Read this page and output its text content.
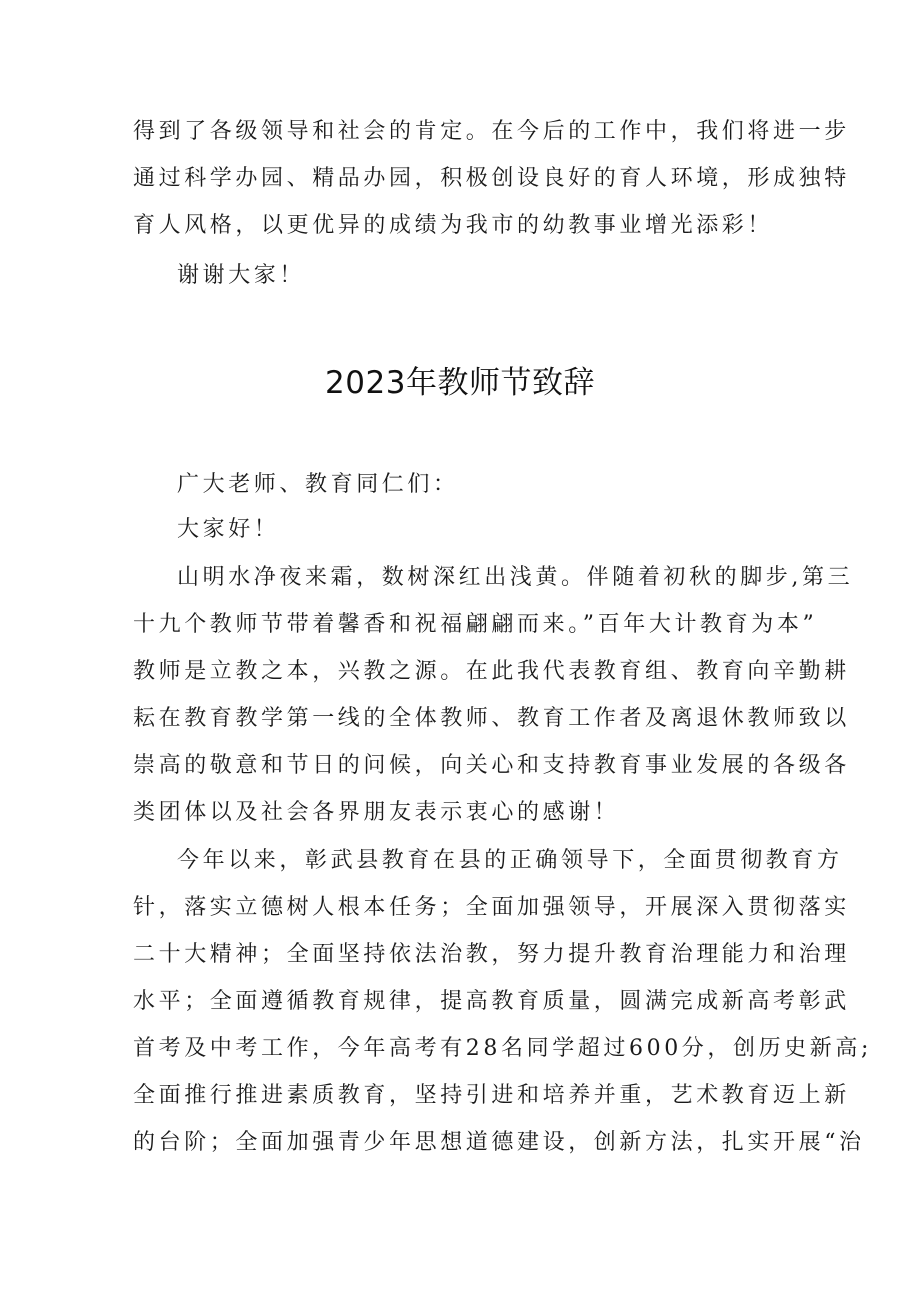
得到了各级领导和社会的肯定。在今后的工作中，我们将进一步
通过科学办园、精品办园，积极创设良好的育人环境，形成独特
育人风格，以更优异的成绩为我市的幼教事业增光添彩！
谢谢大家！
2023年教师节致辞
广大老师、教育同仁们：
大家好！
山明水净夜来霜，数树深红出浅黄。伴随着初秋的脚步,第三
十九个教师节带着馨香和祝福翩翩而来。”百年大计教育为本”
教师是立教之本，兴教之源。在此我代表教育组、教育向辛勤耕
耘在教育教学第一线的全体教师、教育工作者及离退休教师致以
崇高的敬意和节日的问候，向关心和支持教育事业发展的各级各
类团体以及社会各界朋友表示衷心的感谢！
今年以来，彰武县教育在县的正确领导下，全面贯彻教育方
针，落实立德树人根本任务；全面加强领导，开展深入贯彻落实
二十大精神；全面坚持依法治教，努力提升教育治理能力和治理
水平；全面遵循教育规律，提高教育质量，圆满完成新高考彰武
首考及中考工作，今年高考有28名同学超过600分，创历史新高;
全面推行推进素质教育，坚持引进和培养并重，艺术教育迈上新
的台阶；全面加强青少年思想道德建设，创新方法，扎实开展“治
